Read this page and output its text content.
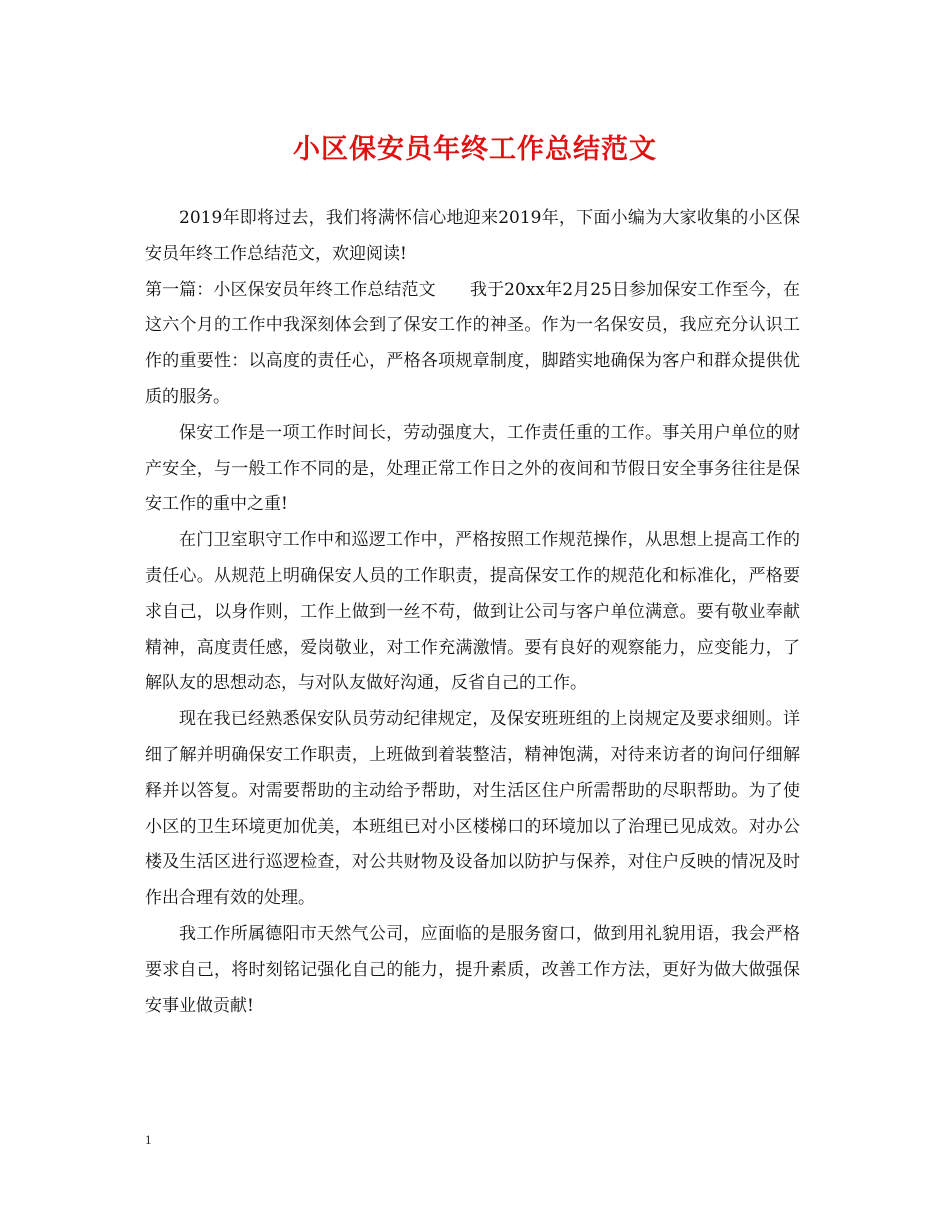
小区保安员年终工作总结范文

2019年即将过去，我们将满怀信心地迎来2019年，下面小编为大家收集的小区保安员年终工作总结范文，欢迎阅读!

第一篇：小区保安员年终工作总结范文　　我于20xx年2月25日参加保安工作至今，在这六个月的工作中我深刻体会到了保安工作的神圣。作为一名保安员，我应充分认识工作的重要性：以高度的责任心，严格各项规章制度，脚踏实地确保为客户和群众提供优质的服务。

保安工作是一项工作时间长，劳动强度大，工作责任重的工作。事关用户单位的财产安全，与一般工作不同的是，处理正常工作日之外的夜间和节假日安全事务往往是保安工作的重中之重!

在门卫室职守工作中和巡逻工作中，严格按照工作规范操作，从思想上提高工作的责任心。从规范上明确保安人员的工作职责，提高保安工作的规范化和标准化，严格要求自己，以身作则，工作上做到一丝不苟，做到让公司与客户单位满意。要有敬业奉献精神，高度责任感，爱岗敬业，对工作充满激情。要有良好的观察能力，应变能力，了解队友的思想动态，与对队友做好沟通，反省自己的工作。

现在我已经熟悉保安队员劳动纪律规定，及保安班班组的上岗规定及要求细则。详细了解并明确保安工作职责，上班做到着装整洁，精神饱满，对待来访者的询问仔细解释并以答复。对需要帮助的主动给予帮助，对生活区住户所需帮助的尽职帮助。为了使小区的卫生环境更加优美，本班组已对小区楼梯口的环境加以了治理已见成效。对办公楼及生活区进行巡逻检查，对公共财物及设备加以防护与保养，对住户反映的情况及时作出合理有效的处理。

我工作所属德阳市天然气公司，应面临的是服务窗口，做到用礼貌用语，我会严格要求自己，将时刻铭记强化自己的能力，提升素质，改善工作方法，更好为做大做强保安事业做贡献!

1
